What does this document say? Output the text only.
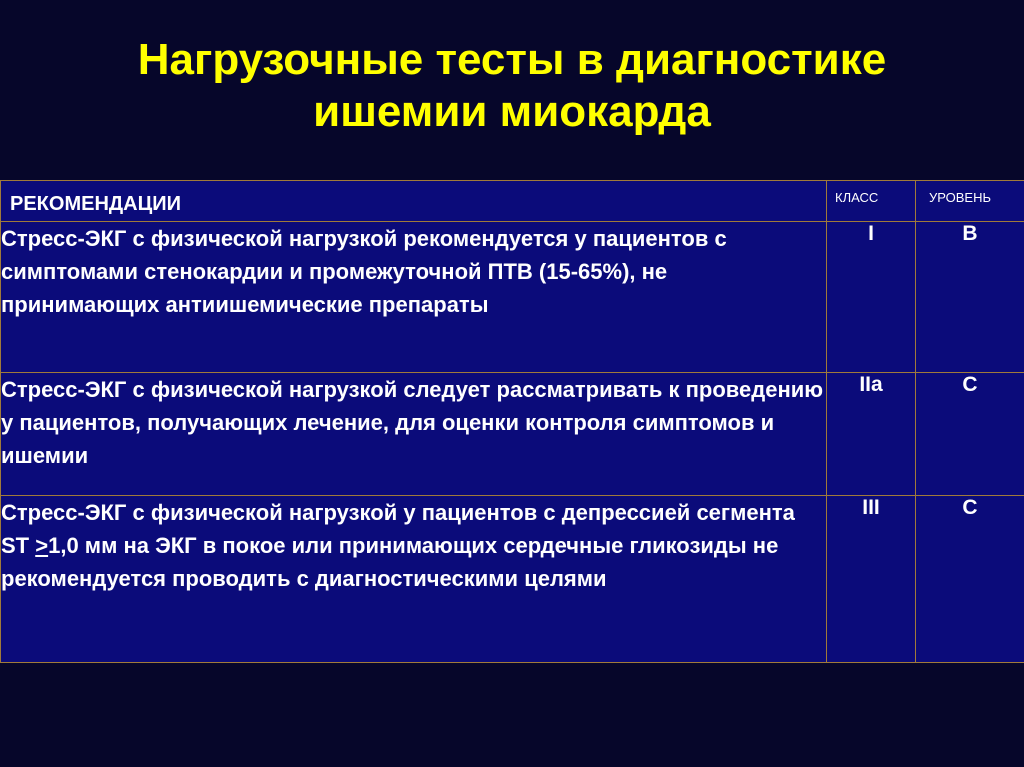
Нагрузочные тесты в диагностике
ишемии миокарда
РЕКОМЕНДАЦИИ	КЛАСС	УРОВЕНЬ

Стресс-ЭКГ с физической нагрузкой рекомендуется у пациентов с симптомами стенокардии и промежуточной ПТВ (15-65%), не принимающих антиишемические препараты	I	B
Стресс-ЭКГ с физической нагрузкой следует рассматривать к проведению у пациентов, получающих лечение, для оценки контроля симптомов и ишемии	IIa	C
Стресс-ЭКГ с физической нагрузкой у пациентов с депрессией сегмента ST ≥1,0 мм на ЭКГ в покое или принимающих сердечные гликозиды не рекомендуется проводить с диагностическими целями	III	C
